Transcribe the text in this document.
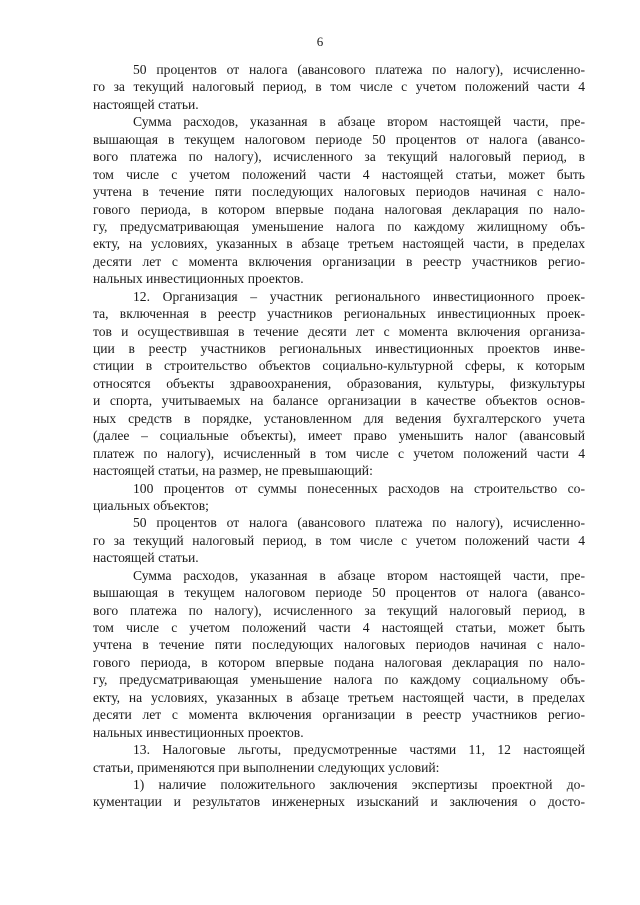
6
50 процентов от налога (авансового платежа по налогу), исчисленно-
го за текущий налоговый период, в том числе с учетом положений части 4
настоящей статьи.
Сумма расходов, указанная в абзаце втором настоящей части, пре-
вышающая в текущем налоговом периоде 50 процентов от налога (авансо-
вого платежа по налогу), исчисленного за текущий налоговый период, в
том числе с учетом положений части 4 настоящей статьи, может быть
учтена в течение пяти последующих налоговых периодов начиная с нало-
гового периода, в котором впервые подана налоговая декларация по нало-
гу, предусматривающая уменьшение налога по каждому жилищному объ-
екту, на условиях, указанных в абзаце третьем настоящей части, в пределах
десяти лет с момента включения организации в реестр участников регио-
нальных инвестиционных проектов.
12. Организация – участник регионального инвестиционного проек-
та, включенная в реестр участников региональных инвестиционных проек-
тов и осуществившая в течение десяти лет с момента включения организа-
ции в реестр участников региональных инвестиционных проектов инве-
стиции в строительство объектов социально-культурной сферы, к которым
относятся объекты здравоохранения, образования, культуры, физкультуры
и спорта, учитываемых на балансе организации в качестве объектов основ-
ных средств в порядке, установленном для ведения бухгалтерского учета
(далее – социальные объекты), имеет право уменьшить налог (авансовый
платеж по налогу), исчисленный в том числе с учетом положений части 4
настоящей статьи, на размер, не превышающий:
100 процентов от суммы понесенных расходов на строительство со-
циальных объектов;
50 процентов от налога (авансового платежа по налогу), исчисленно-
го за текущий налоговый период, в том числе с учетом положений части 4
настоящей статьи.
Сумма расходов, указанная в абзаце втором настоящей части, пре-
вышающая в текущем налоговом периоде 50 процентов от налога (авансо-
вого платежа по налогу), исчисленного за текущий налоговый период, в
том числе с учетом положений части 4 настоящей статьи, может быть
учтена в течение пяти последующих налоговых периодов начиная с нало-
гового периода, в котором впервые подана налоговая декларация по нало-
гу, предусматривающая уменьшение налога по каждому социальному объ-
екту, на условиях, указанных в абзаце третьем настоящей части, в пределах
десяти лет с момента включения организации в реестр участников регио-
нальных инвестиционных проектов.
13. Налоговые льготы, предусмотренные частями 11, 12 настоящей
статьи, применяются при выполнении следующих условий:
1) наличие положительного заключения экспертизы проектной до-
кументации и результатов инженерных изысканий и заключения о досто-
